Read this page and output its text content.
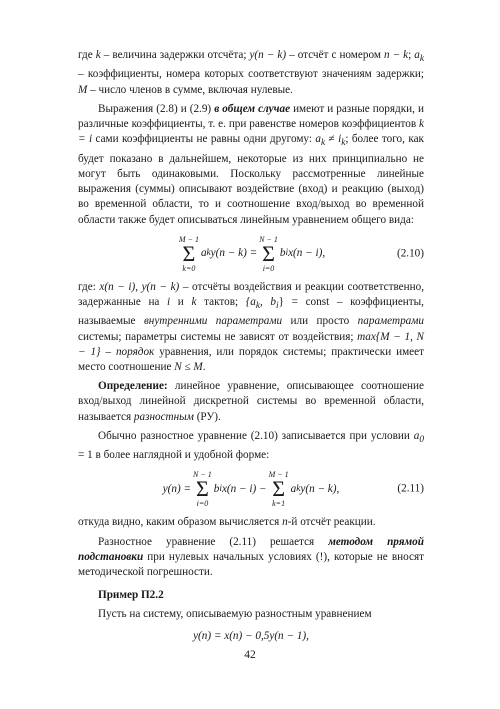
где k – величина задержки отсчёта; y(n − k) – отсчёт с номером n − k; $a_k$ – коэффициенты, номера которых соответствуют значениям задержки; M – число членов в сумме, включая нулевые.

Выражения (2.8) и (2.9) в общем случае имеют и разные порядки, и различные коэффициенты, т. е. при равенстве номеров коэффициентов k = i сами коэффициенты не равны одни другому: $a_k \ne i_k$; более того, как будет показано в дальнейшем, некоторые из них принципиально не могут быть одинаковыми. Поскольку рассмотренные линейные выражения (суммы) описывают воздействие (вход) и реакцию (выход) во временной области, то и соотношение вход/выход во временной области также будет описываться линейным уравнением общего вида:

M − 1
Σ
k=0
a k y(n − k) =
N − 1
Σ
i=0
b i x(n − i),	(2.10)

где: x(n − i), y(n − k) – отсчёты воздействия и реакции соответственно, задержанные на i и k тактов; {$a_k$, $b_i$} = const – коэффициенты, называемые внутренними параметрами или просто параметрами системы; параметры системы не зависят от воздействия; max{M − 1, N − 1} – порядок уравнения, или порядок системы; практически имеет место соотношение N ≤ M.

Определение: линейное уравнение, описывающее соотношение вход/выход линейной дискретной системы во временной области, называется разностным (РУ).

Обычно разностное уравнение (2.10) записывается при условии $a_0 = 1$ в более наглядной и удобной форме:

y(n) =
N − 1
Σ
i=0
b i x(n − i) −
M − 1
Σ
k=1
a k y(n − k),	(2.11)

откуда видно, каким образом вычисляется n-й отсчёт реакции.

Разностное уравнение (2.11) решается методом прямой подстановки при нулевых начальных условиях (!), которые не вносят методической погрешности.

Пример П2.2

Пусть на систему, описываемую разностным уравнением

y(n) = x(n) − 0,5y(n − 1),

42
